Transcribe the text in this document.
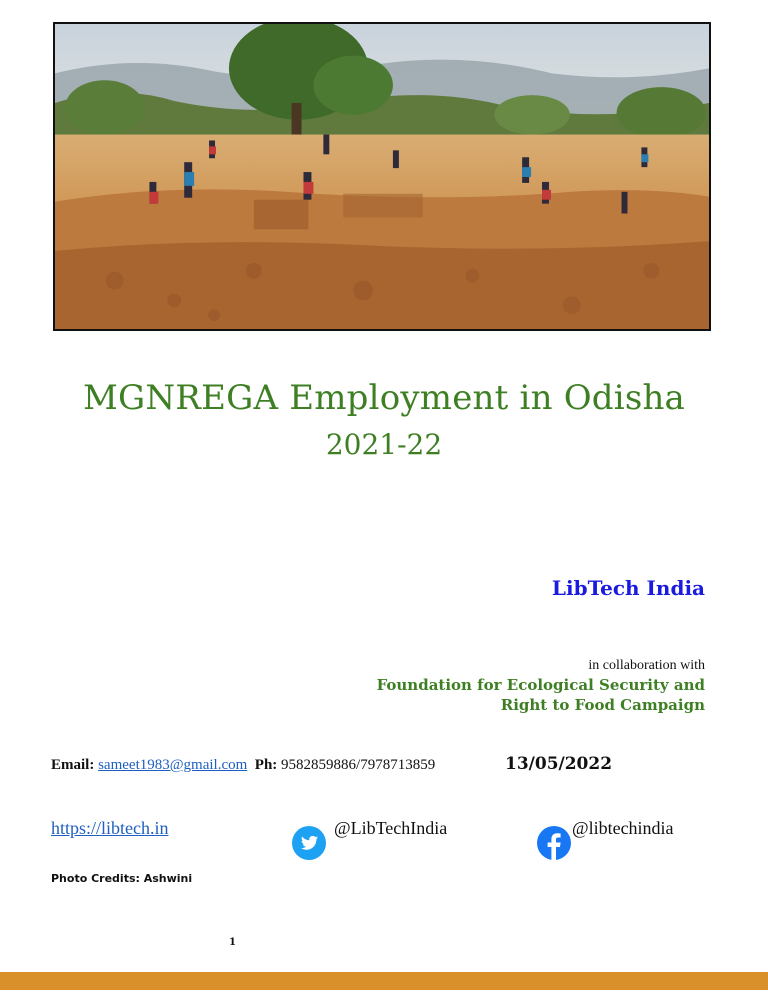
MGNREGA Employment in Odisha
2021-22
LibTech India
in collaboration with
Foundation for Ecological Security and
Right to Food Campaign
Email: sameet1983@gmail.com Ph: 9582859886/7978713859	13/05/2022
https://libtech.in	@LibTechIndia	@libtechindia
Photo Credits: Ashwini
1
